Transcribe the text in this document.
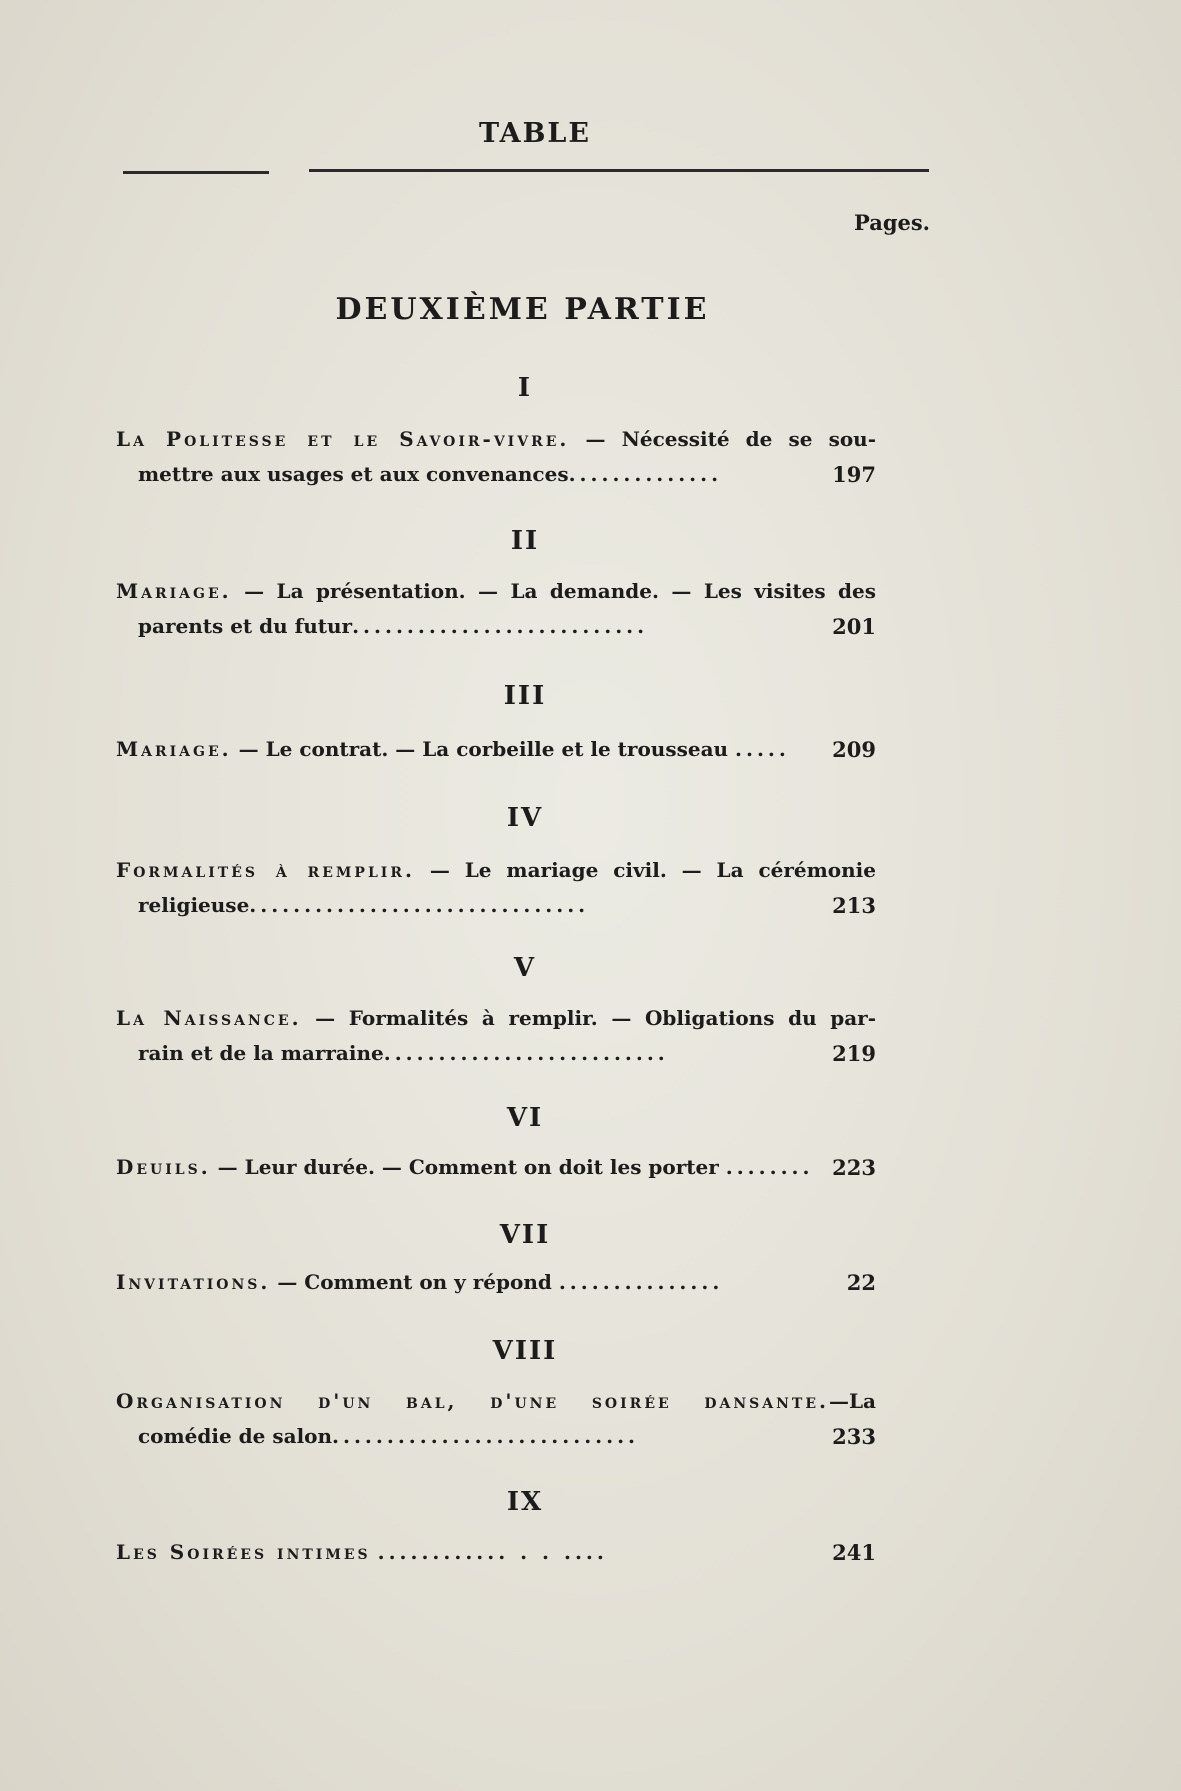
TABLE
Pages.
DEUXIÈME PARTIE
I
La Politesse et le Savoir-vivre. — Nécessité de se sou-
mettre aux usages et aux convenances..............	197
II
Mariage. — La présentation. — La demande. — Les visites des
parents et du futur...........................	201
III
Mariage. — Le contrat. — La corbeille et le trousseau .....	209
IV
Formalités à remplir. — Le mariage civil. — La cérémonie
religieuse...............................	213
V
La Naissance. — Formalités à remplir. — Obligations du par-
rain et de la marraine..........................	219
VI
Deuils. — Leur durée. — Comment on doit les porter ........ 223
VII
Invitations. — Comment on y répond ...............	22
VIII
Organisation d'un bal, d'une soirée dansante.—La
comédie de salon............................	233
IX
Les Soirées intimes ............ . . ....	241
